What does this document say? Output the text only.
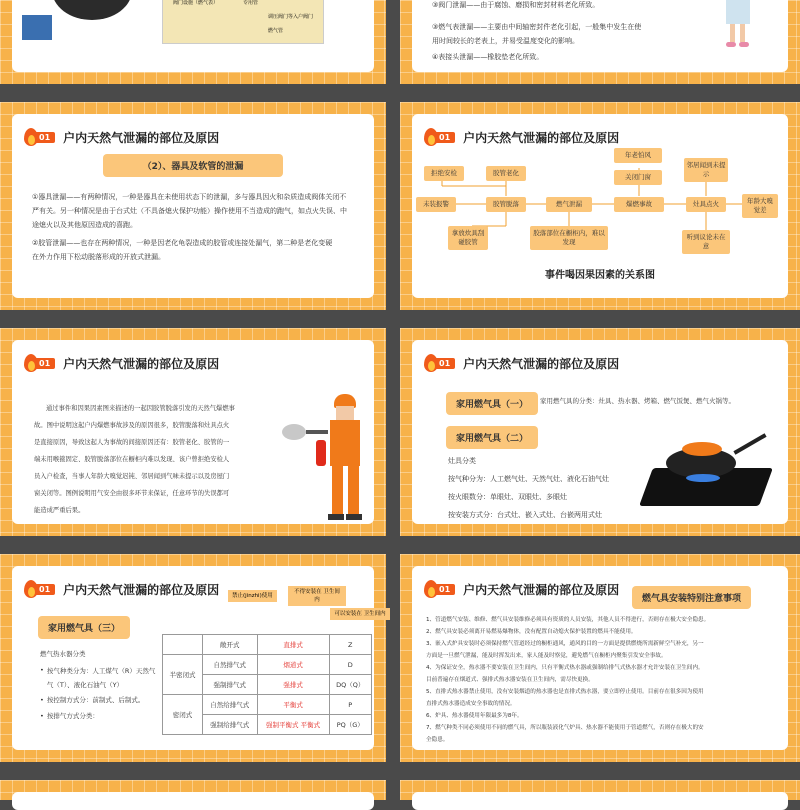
阀门设施（燃气表）	专用管
调压阀门等
燃气管
入户阀门
③阀门泄漏——由于腐蚀、磨损和密封材料老化所致。
③燃气表泄漏——主要由中间轴密封件老化引起，一般集中发生在使
用时间较长的老表上，并易受温度变化的影响。
④表接头泄漏——橡胶垫老化所致。
01	户内天然气泄漏的部位及原因
（2）、器具及软管的泄漏
①器具泄漏——有两种情况，一种是器具在未使用状态下的泄漏，多与器具因火和杂质造成阀体关闭不
严有关。另一种情况是由于台式灶（不具备熄火保护功能）操作使用不当造成的跑气，如点火失误、中
途熄火以及其他原因造成的喜跑。
②胶管泄漏——也存在两种情况，一种是因老化龟裂造成的胶管或连接处漏气，第二种是老化变硬
在外力作用下松动脱落形成的开放式泄漏。
01	户内天然气泄漏的部位及原因
拒绝安检	胶管老化
年老怕风
邻居闻到未提示
关闭门窗
未装报警	胶管脱落	燃气泄漏	爆燃事故	灶具点火	年龄大嗅觉差
拿放炊具刮碰胶管
胶落部位在橱柜内，难以发现
听到议论未在意
事件喝因果因素的关系图
01	户内天然气泄漏的部位及原因
通过事件和因果因素图来描述的一起因胶管脱落引发的天然气爆燃事
故。图中说明这起户内爆燃事故涉及的原因很多，胶管脱落和灶具点火
是直接原因，导致这起人为事故的间接原因还有：胶管老化、胶管的一
端未用喉箍固定、胶管脱落部位在橱柜内难以发现、该户曾拒绝安检人
员入户检查，当事人年龄大嗅觉迟钝、邻居闻到气味未提示以及房屋门
窗关闭等。图例说明用气安全由很多环节来保证，任意环节的失误都可
能造成严重后果。
01	户内天然气泄漏的部位及原因
家用燃气具（一）	家用燃气具的分类：灶具、热水器、烤箱、燃气饭煲、燃气火锅等。
家用燃气具（二）
灶具分类
按气种分为：人工燃气灶、天然气灶、液化石油气灶
按火眼数分：单眼灶、双眼灶、多眼灶
按安装方式分：台式灶、嵌入式灶、台嵌两用式灶
01	户内天然气泄漏的部位及原因
家用燃气具（三）
燃气热水器分类
• 按气种类分为：人工煤气（R）天然气气（T）、液化石油气（Y）
• 按控制方式分：前制式、后制式。
• 按排气方式分类：
禁止(jinzhi)使用
不得安装在 卫生间内
可以安装在 卫生间内
	敞开式	直排式	Z
半密闭式	自然排气式	烟道式	D
	强制排气式	强排式	DQ（Q）
密闭式	自然给排气式	平衡式	P
	强制给排气式	强制平衡式 平衡式	PQ（G）
01	户内天然气泄漏的部位及原因
燃气具安装特别注意事项
1、管道燃气安装、维修、燃气具安装维修必须具有资质的人员安装，其他人员不得进行，否则存在极大安全隐患。
2、燃气具安装必须离开易燃易爆物体，没有配置自动熄火保护装置的燃具不能使用。
3、嵌入式炉具安装时必须保持燃气管道经过的橱柜通风，通风的目的一方面是提供燃烧所需新鲜空气补充，另一
方面是一旦燃气泄漏，能及时挥发出来，家人能及时察觉，避免燃气在橱柜内聚集引发安全事故。
4、为保证安全，热水器不要安装在卫生间内，只有平衡式热水器或强制给排气式热水器才允许安装在卫生间内。
目前普遍存在烟道式、强排式热水器安装在卫生间内，需尽快更换。
5、直排式热水器禁止使用，没有安装烟道的热水器也是直排式热水器，要立即停止使用。目前存在很多因为使用
直排式热水器造成安全事故的情况。
6、炉具、热水器使用年限最多为8年。
7、燃气种类不同必须使用不同的燃气具，所以瓶装液化气炉具、热水器不能使用于管道燃气，否则存在极大的安
全隐患。
